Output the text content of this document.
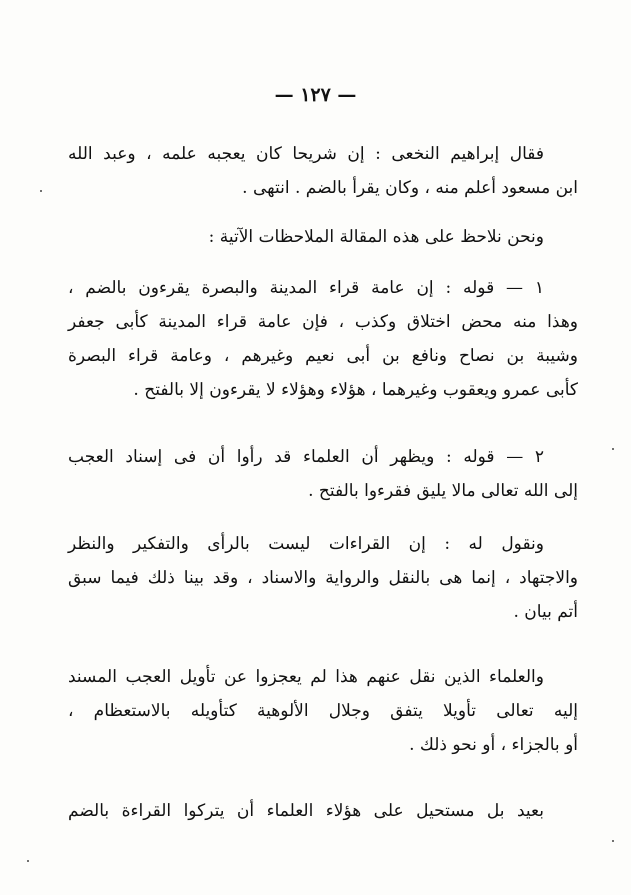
— ١٢٧ —
فقال إبراهيم النخعى : إن شريحا كان يعجبه علمه ، وعبد الله
ابن مسعود أعلم منه ، وكان يقرأ بالضم . انتهى .
ونحن نلاحظ على هذه المقالة الملاحظات الآتية :
١ — قوله : إن عامة قراء المدينة والبصرة يقرءون بالضم ،
وهذا منه محض اختلاق وكذب ، فإن عامة قراء المدينة كأبى جعفر
وشيبة بن نصاح ونافع بن أبى نعيم وغيرهم ، وعامة قراء البصرة
كأبى عمرو ويعقوب وغيرهما ، هؤلاء وهؤلاء لا يقرءون إلا بالفتح .
٢ — قوله : ويظهر أن العلماء قد رأوا أن فى إسناد العجب
إلى الله تعالى مالا يليق فقرءوا بالفتح .
ونقول له : إن القراءات ليست بالرأى والتفكير والنظر
والاجتهاد ، إنما هى بالنقل والرواية والاسناد ، وقد بينا ذلك فيما سبق
أتم بيان .
والعلماء الذين نقل عنهم هذا لم يعجزوا عن تأويل العجب المسند
إليه تعالى تأويلا يتفق وجلال الألوهية كتأويله بالاستعظام ،
أو بالجزاء ، أو نحو ذلك .
بعيد بل مستحيل على هؤلاء العلماء أن يتركوا القراءة بالضم
